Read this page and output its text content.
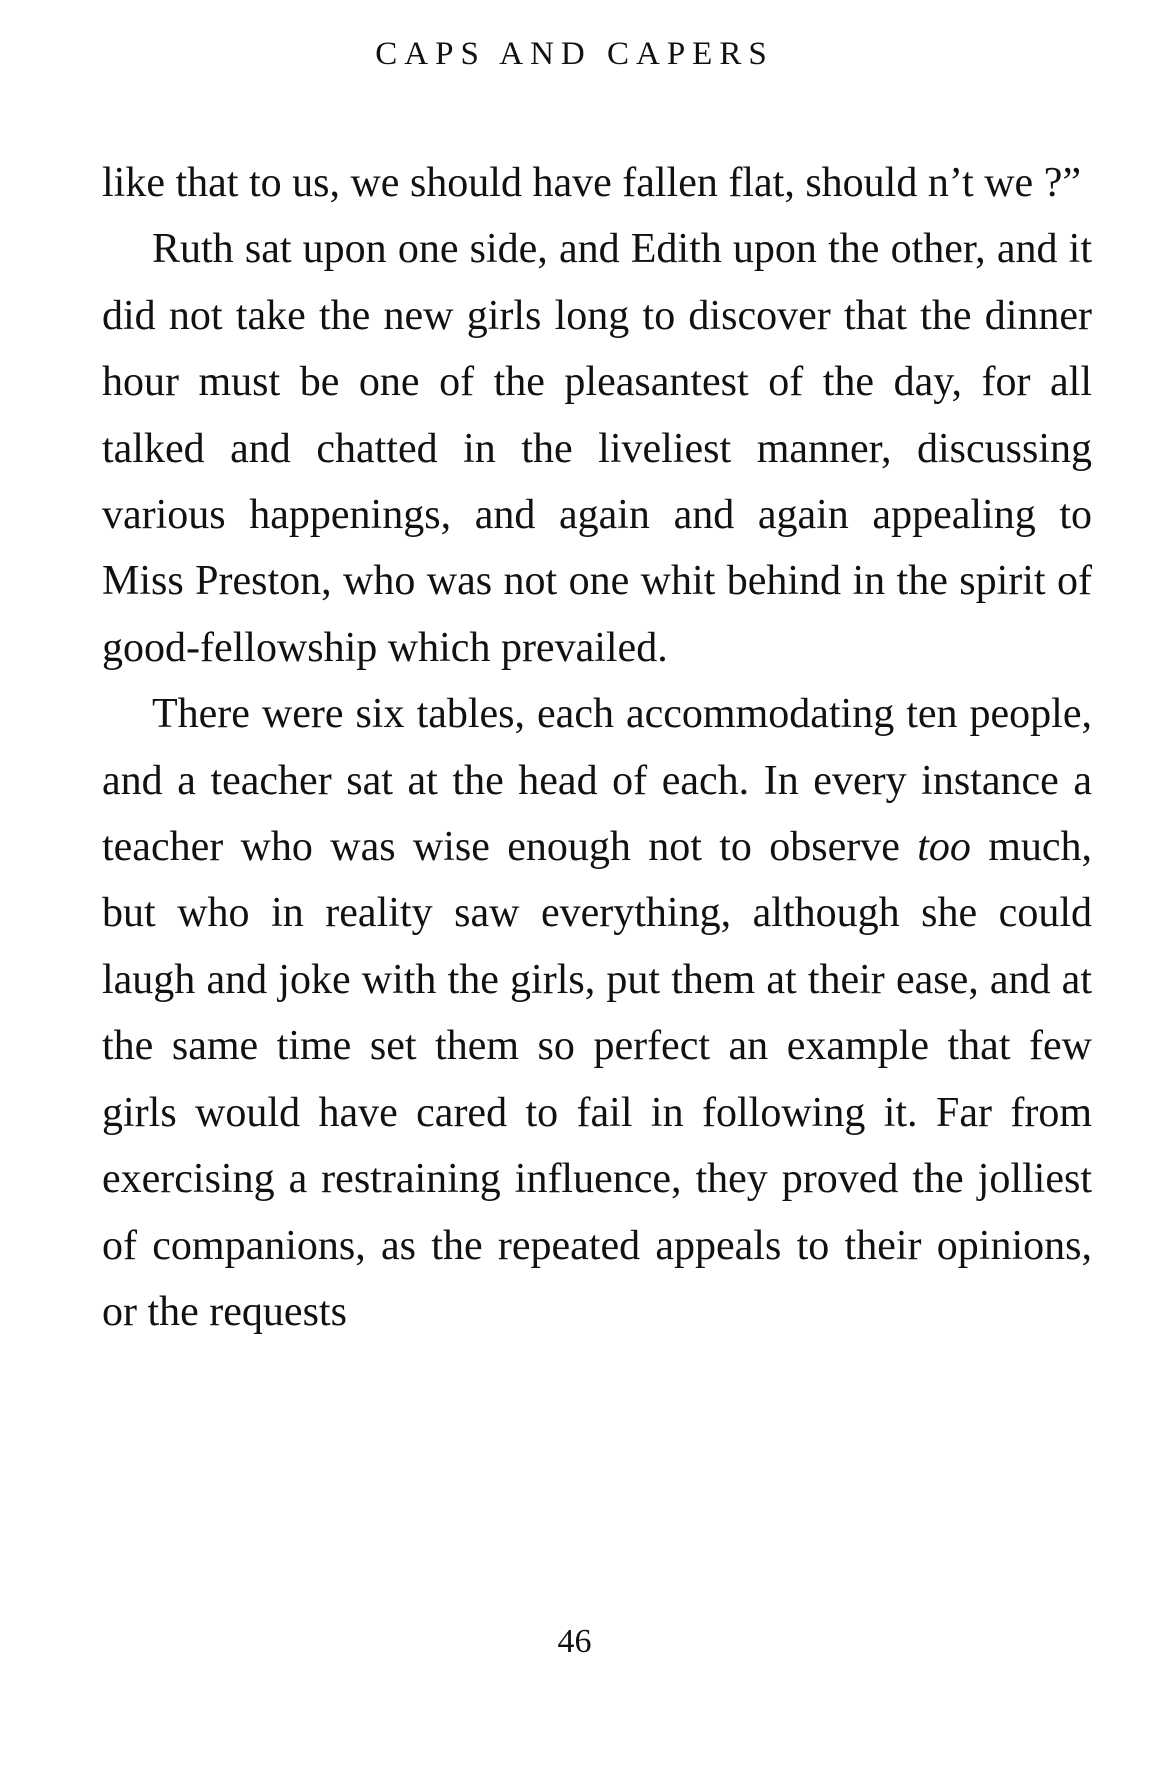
CAPS AND CAPERS

like that to us, we should have fallen flat, should n’t we ?”

Ruth sat upon one side, and Edith upon the other, and it did not take the new girls long to discover that the dinner hour must be one of the pleasantest of the day, for all talked and chatted in the liveliest manner, discussing various happenings, and again and again appealing to Miss Preston, who was not one whit behind in the spirit of good-fellowship which prevailed.

There were six tables, each accommodating ten people, and a teacher sat at the head of each. In every instance a teacher who was wise enough not to observe too much, but who in reality saw everything, although she could laugh and joke with the girls, put them at their ease, and at the same time set them so perfect an example that few girls would have cared to fail in following it. Far from exercising a restraining influence, they proved the jolliest of companions, as the repeated appeals to their opinions, or the requests

46
